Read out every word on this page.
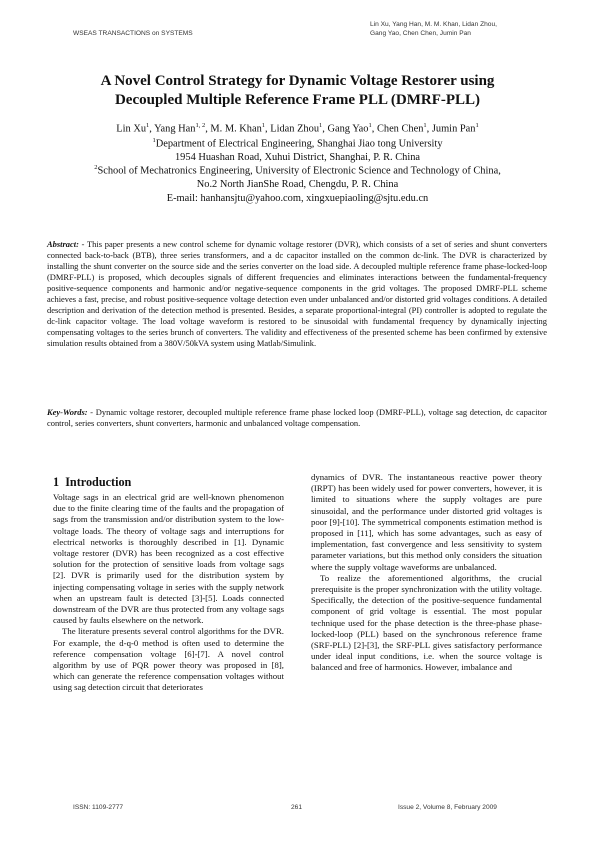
WSEAS TRANSACTIONS on SYSTEMS
Lin Xu, Yang Han, M. M. Khan, Lidan Zhou,
Gang Yao, Chen Chen, Jumin Pan
A Novel Control Strategy for Dynamic Voltage Restorer using
Decoupled Multiple Reference Frame PLL (DMRF-PLL)
Lin Xu$^1$, Yang Han$^{1, 2}$, M. M. Khan$^1$, Lidan Zhou$^1$, Gang Yao$^1$, Chen Chen$^1$, Jumin Pan$^1$
$^1$Department of Electrical Engineering, Shanghai Jiao tong University
1954 Huashan Road, Xuhui District, Shanghai, P. R. China
$^2$School of Mechatronics Engineering, University of Electronic Science and Technology of China,
No.2 North JianShe Road, Chengdu, P. R. China
E-mail: hanhansjtu@yahoo.com, xingxuepiaoling@sjtu.edu.cn
Abstract: - This paper presents a new control scheme for dynamic voltage restorer (DVR), which consists of a set of series and shunt converters connected back-to-back (BTB), three series transformers, and a dc capacitor installed on the common dc-link. The DVR is characterized by installing the shunt converter on the source side and the series converter on the load side. A decoupled multiple reference frame phase-locked-loop (DMRF-PLL) is proposed, which decouples signals of different frequencies and eliminates interactions between the fundamental-frequency positive-sequence components and harmonic and/or negative-sequence components in the grid voltages. The proposed DMRF-PLL scheme achieves a fast, precise, and robust positive-sequence voltage detection even under unbalanced and/or distorted grid voltages conditions. A detailed description and derivation of the detection method is presented. Besides, a separate proportional-integral (PI) controller is adopted to regulate the dc-link capacitor voltage. The load voltage waveform is restored to be sinusoidal with fundamental frequency by dynamically injecting compensating voltages to the series brunch of converters. The validity and effectiveness of the presented scheme has been confirmed by extensive simulation results obtained from a 380V/50kVA system using Matlab/Simulink.
Key-Words: - Dynamic voltage restorer, decoupled multiple reference frame phase locked loop (DMRF-PLL), voltage sag detection, dc capacitor control, series converters, shunt converters, harmonic and unbalanced voltage compensation.
1 Introduction

Voltage sags in an electrical grid are well-known phenomenon due to the finite clearing time of the faults and the propagation of sags from the transmission and/or distribution system to the low-voltage loads. The theory of voltage sags and interruptions for electrical networks is thoroughly described in [1]. Dynamic voltage restorer (DVR) has been recognized as a cost effective solution for the protection of sensitive loads from voltage sags [2]. DVR is primarily used for the distribution system by injecting compensating voltage in series with the supply network when an upstream fault is detected [3]-[5]. Loads connected downstream of the DVR are thus protected from any voltage sags caused by faults elsewhere on the network.

The literature presents several control algorithms for the DVR. For example, the d-q-0 method is often used to determine the reference compensation voltage [6]-[7]. A novel control algorithm by use of PQR power theory was proposed in [8], which can generate the reference compensation voltages without using sag detection circuit that deteriorates

dynamics of DVR. The instantaneous reactive power theory (IRPT) has been widely used for power converters, however, it is limited to situations where the supply voltages are pure sinusoidal, and the performance under distorted grid voltages is poor [9]-[10]. The symmetrical components estimation method is proposed in [11], which has some advantages, such as easy of implementation, fast convergence and less sensitivity to system parameter variations, but this method only considers the situation where the supply voltage waveforms are unbalanced.

To realize the aforementioned algorithms, the crucial prerequisite is the proper synchronization with the utility voltage. Specifically, the detection of the positive-sequence fundamental component of grid voltage is essential. The most popular technique used for the phase detection is the three-phase phase-locked-loop (PLL) based on the synchronous reference frame (SRF-PLL) [2]-[3], the SRF-PLL gives satisfactory performance under ideal input conditions, i.e. when the source voltage is balanced and free of harmonics. However, imbalance and

ISSN: 1109-2777	261	Issue 2, Volume 8, February 2009
